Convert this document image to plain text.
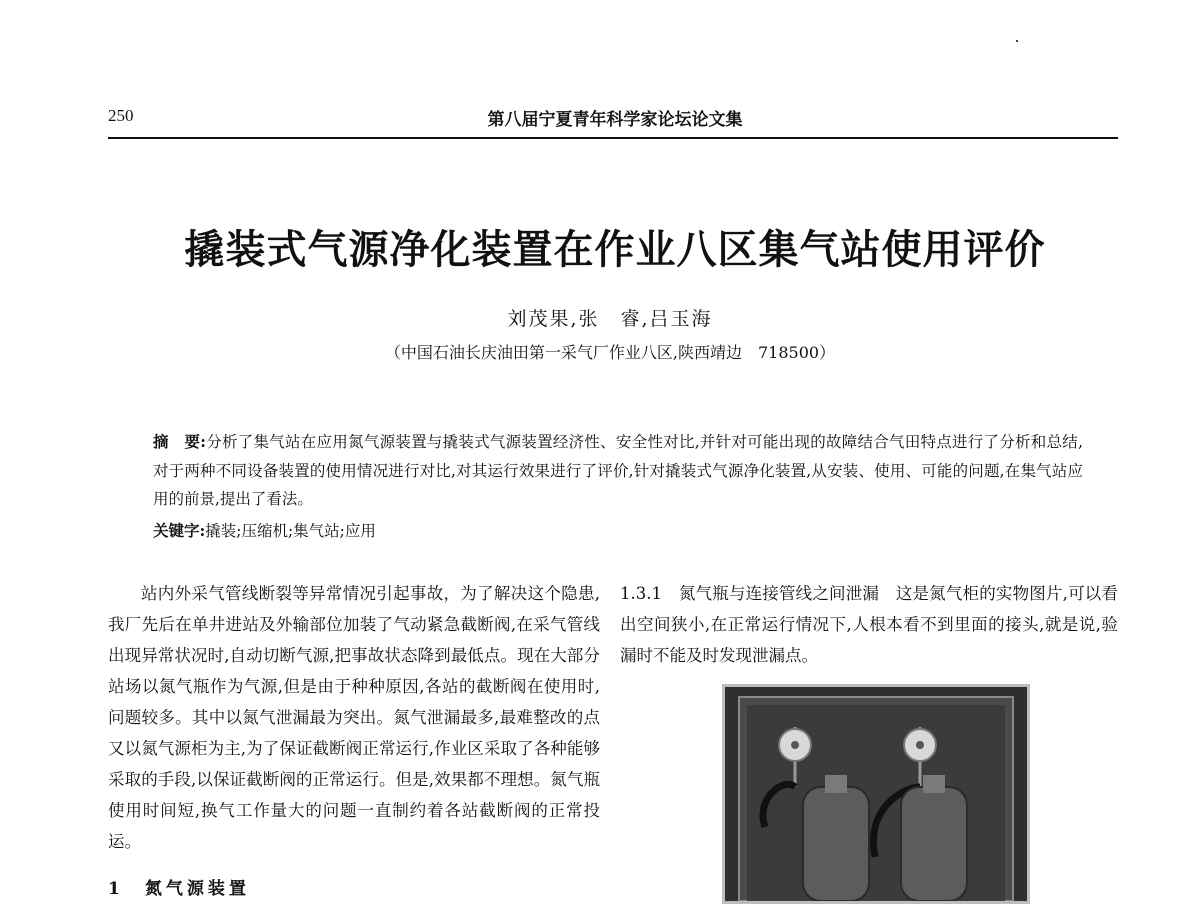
250	第八届宁夏青年科学家论坛论文集
撬装式气源净化装置在作业八区集气站使用评价
刘茂果,张　睿,吕玉海
（中国石油长庆油田第一采气厂作业八区,陕西靖边　718500）
摘　要:分析了集气站在应用氮气源装置与撬装式气源装置经济性、安全性对比,并针对可能出现的故障结合气田特点进行了分析和总结,对于两种不同设备装置的使用情况进行对比,对其运行效果进行了评价,针对撬装式气源净化装置,从安装、使用、可能的问题,在集气站应用的前景,提出了看法。
关键字:撬装;压缩机;集气站;应用
站内外采气管线断裂等异常情况引起事故，为了解决这个隐患,我厂先后在单井进站及外输部位加装了气动紧急截断阀,在采气管线出现异常状况时,自动切断气源,把事故状态降到最低点。现在大部分站场以氮气瓶作为气源,但是由于种种原因,各站的截断阀在使用时,问题较多。其中以氮气泄漏最为突出。氮气泄漏最多,最难整改的点又以氮气源柜为主,为了保证截断阀正常运行,作业区采取了各种能够采取的手段,以保证截断阀的正常运行。但是,效果都不理想。氮气瓶使用时间短,换气工作量大的问题一直制约着各站截断阀的正常投运。
1　氮气源装置
1.3.1　氮气瓶与连接管线之间泄漏　这是氮气柜的实物图片,可以看出空间狭小,在正常运行情况下,人根本看不到里面的接头,就是说,验漏时不能及时发现泄漏点。
